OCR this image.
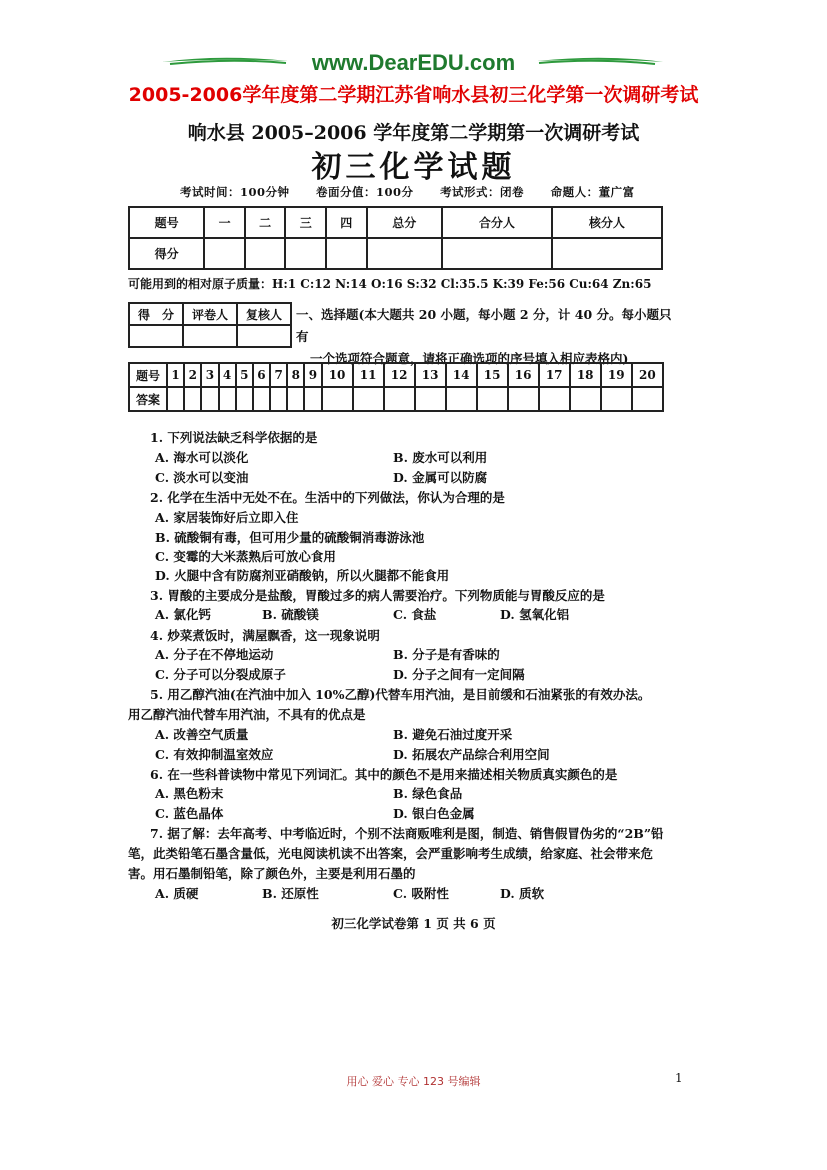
www.DearEDU.com
2005-2006学年度第二学期江苏省响水县初三化学第一次调研考试
响水县 2005–2006 学年度第二学期第一次调研考试
初三化学试题
考试时间：100分钟 卷面分值：100分 考试形式：闭卷 命题人：董广富
题号	一	二	三	四	总分	合分人	核分人
得分							
可能用到的相对原子质量：H:1 C:12 N:14 O:16 S:32 Cl:35.5 K:39 Fe:56 Cu:64 Zn:65
得　分	评卷人	复核人
		一、选择题(本大题共 20 小题，每小题 2 分，计 40 分。每小题只有
一个选项符合题意，请将正确选项的序号填入相应表格内)
题号	1	2	3	4	5	6	7	8	9	10	11	12	13	14	15	16	17	18	19	20
答案																				
1. 下列说法缺乏科学依据的是
A. 海水可以淡化	B. 废水可以利用
C. 淡水可以变油	D. 金属可以防腐
2. 化学在生活中无处不在。生活中的下列做法，你认为合理的是
A. 家居装饰好后立即入住
B. 硫酸铜有毒，但可用少量的硫酸铜消毒游泳池
C. 变霉的大米蒸熟后可放心食用
D. 火腿中含有防腐剂亚硝酸钠，所以火腿都不能食用
3. 胃酸的主要成分是盐酸，胃酸过多的病人需要治疗。下列物质能与胃酸反应的是
A. 氯化钙	B. 硫酸镁	C. 食盐	D. 氢氧化铝
4. 炒菜煮饭时，满屋飘香，这一现象说明
A. 分子在不停地运动	B. 分子是有香味的
C. 分子可以分裂成原子	D. 分子之间有一定间隔
5. 用乙醇汽油(在汽油中加入 10%乙醇)代替车用汽油，是目前缓和石油紧张的有效办法。
用乙醇汽油代替车用汽油，不具有的优点是
A. 改善空气质量	B. 避免石油过度开采
C. 有效抑制温室效应	D. 拓展农产品综合利用空间
6. 在一些科普读物中常见下列词汇。其中的颜色不是用来描述相关物质真实颜色的是
A. 黑色粉末	B. 绿色食品
C. 蓝色晶体	D. 银白色金属
7. 据了解：去年高考、中考临近时，个别不法商贩唯利是图，制造、销售假冒伪劣的“2B”铅
笔，此类铅笔石墨含量低，光电阅读机读不出答案，会严重影响考生成绩，给家庭、社会带来危
害。用石墨制铅笔，除了颜色外，主要是利用石墨的
A. 质硬	B. 还原性	C. 吸附性	D. 质软
初三化学试卷第 1 页 共 6 页
用心 爱心 专心 123 号编辑	1
